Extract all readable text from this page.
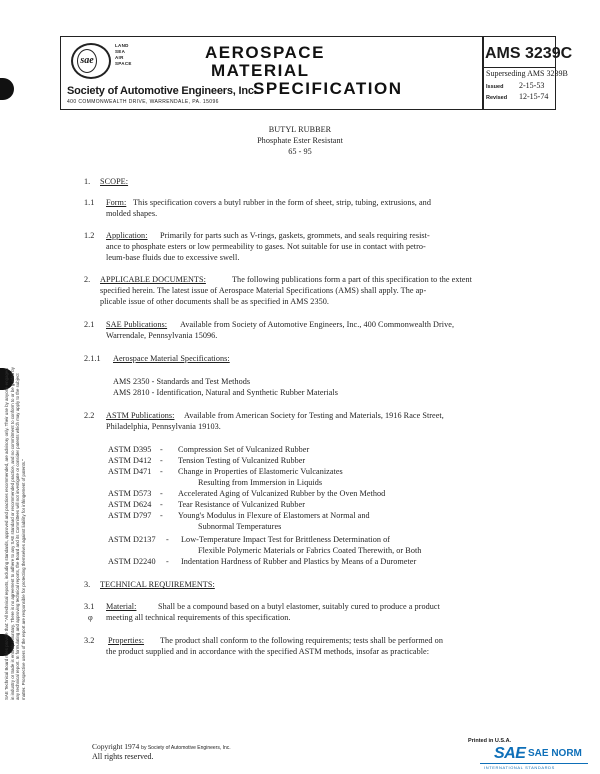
SAE Technical Board rules provide that: "All technical reports, including standards, approved and practices recommended, are advisory only. Their use by anyone engaged in industry or trade is entirely voluntary. There is no agreement to adhere to any SAE standard or recommended practice, and no commitment to conform to or be guided by any technical report. In formulating and approving technical reports, the Board and its Committees will not investigate or consider patents which may apply to the subject matter. Prospective users of the report are responsible for protecting themselves against liability for infringement of patents."
sae
LAND
SEA
AIR
SPACE
AEROSPACE
MATERIAL
SPECIFICATION
Society of Automotive Engineers, Inc.
400 COMMONWEALTH DRIVE, WARRENDALE, PA. 15096
AMS 3239C
Superseding AMS 3239B
Issued 2-15-53
Revised 12-15-74
BUTYL RUBBER
Phosphate Ester Resistant
65 - 95
1. SCOPE:
1.1 Form: This specification covers a butyl rubber in the form of sheet, strip, tubing, extrusions, and
molded shapes.
1.2 Application: Primarily for parts such as V-rings, gaskets, grommets, and seals requiring resist-
ance to phosphate esters or low permeability to gases. Not suitable for use in contact with petro-
leum-base fluids due to excessive swell.
2. APPLICABLE DOCUMENTS:	The following publications form a part of this specification to the extent
specified herein. The latest issue of Aerospace Material Specifications (AMS) shall apply. The ap-
plicable issue of other documents shall be as specified in AMS 2350.
2.1 SAE Publications: Available from Society of Automotive Engineers, Inc., 400 Commonwealth Drive,
Warrendale, Pennsylvania 15096.
2.1.1 Aerospace Material Specifications:
AMS 2350 - Standards and Test Methods
AMS 2810 - Identification, Natural and Synthetic Rubber Materials
2.2 ASTM Publications: Available from American Society for Testing and Materials, 1916 Race Street,
Philadelphia, Pennsylvania 19103.
ASTM D395 - Compression Set of Vulcanized Rubber
ASTM D412 - Tension Testing of Vulcanized Rubber
ASTM D471 - Change in Properties of Elastomeric Vulcanizates
Resulting from Immersion in Liquids
ASTM D573 - Accelerated Aging of Vulcanized Rubber by the Oven Method
ASTM D624 - Tear Resistance of Vulcanized Rubber
ASTM D797 - Young's Modulus in Flexure of Elastomers at Normal and
Subnormal Temperatures
ASTM D2137 - Low-Temperature Impact Test for Brittleness Determination of
Flexible Polymeric Materials or Fabrics Coated Therewith, or Both
ASTM D2240 - Indentation Hardness of Rubber and Plastics by Means of a Durometer
3. TECHNICAL REQUIREMENTS:
3.1
φ
Material:	Shall be a compound based on a butyl elastomer, suitably cured to produce a product
meeting all technical requirements of this specification.
3.2 Properties: The product shall conform to the following requirements; tests shall be performed on
the product supplied and in accordance with the specified ASTM methods, insofar as practicable:
Copyright 1974 by Society of Automotive Engineers, Inc.
All rights reserved.
Printed in U.S.A.
SAE SAE NORM
INTERNATIONAL STANDARDS
